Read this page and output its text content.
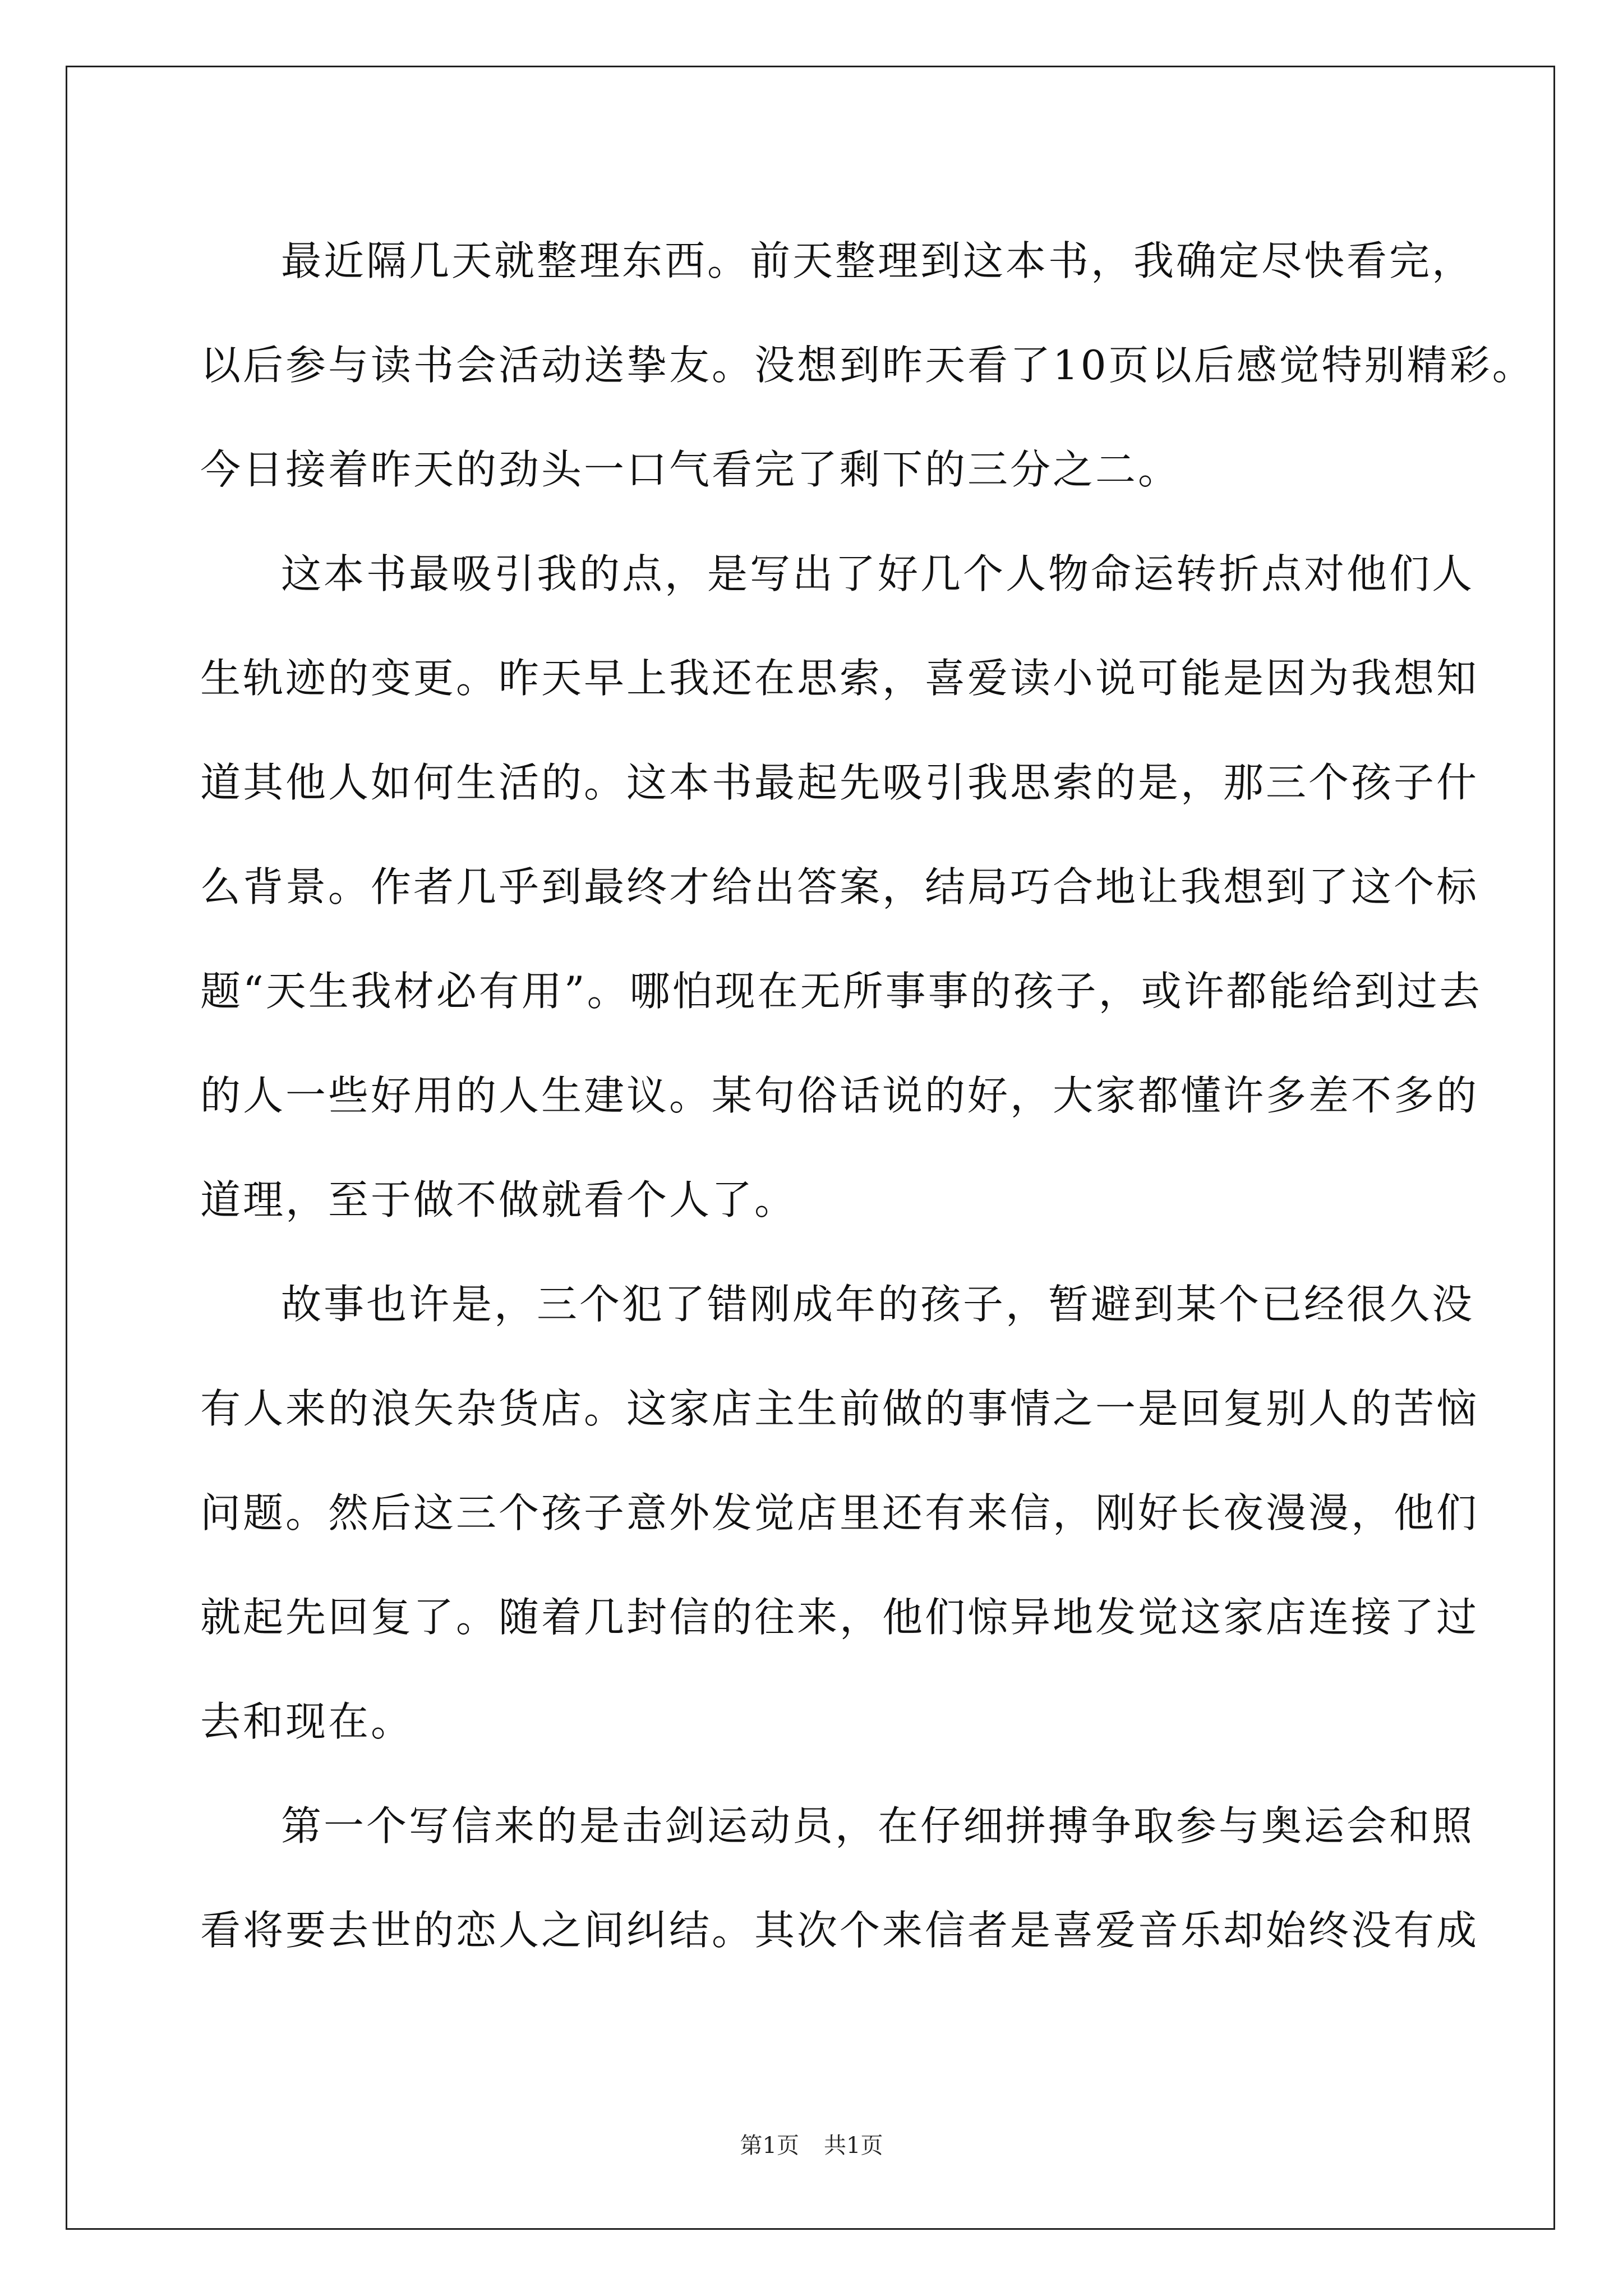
最近隔几天就整理东西。前天整理到这本书，我确定尽快看完，

以后参与读书会活动送挚友。没想到昨天看了10页以后感觉特别精彩。

今日接着昨天的劲头一口气看完了剩下的三分之二。

这本书最吸引我的点，是写出了好几个人物命运转折点对他们人

生轨迹的变更。昨天早上我还在思索，喜爱读小说可能是因为我想知

道其他人如何生活的。这本书最起先吸引我思索的是，那三个孩子什

么背景。作者几乎到最终才给出答案，结局巧合地让我想到了这个标

题“天生我材必有用”。哪怕现在无所事事的孩子，或许都能给到过去

的人一些好用的人生建议。某句俗话说的好，大家都懂许多差不多的

道理，至于做不做就看个人了。

故事也许是，三个犯了错刚成年的孩子，暂避到某个已经很久没

有人来的浪矢杂货店。这家店主生前做的事情之一是回复别人的苦恼

问题。然后这三个孩子意外发觉店里还有来信，刚好长夜漫漫，他们

就起先回复了。随着几封信的往来，他们惊异地发觉这家店连接了过

去和现在。

第一个写信来的是击剑运动员，在仔细拼搏争取参与奥运会和照

看将要去世的恋人之间纠结。其次个来信者是喜爱音乐却始终没有成

第1页 共1页
